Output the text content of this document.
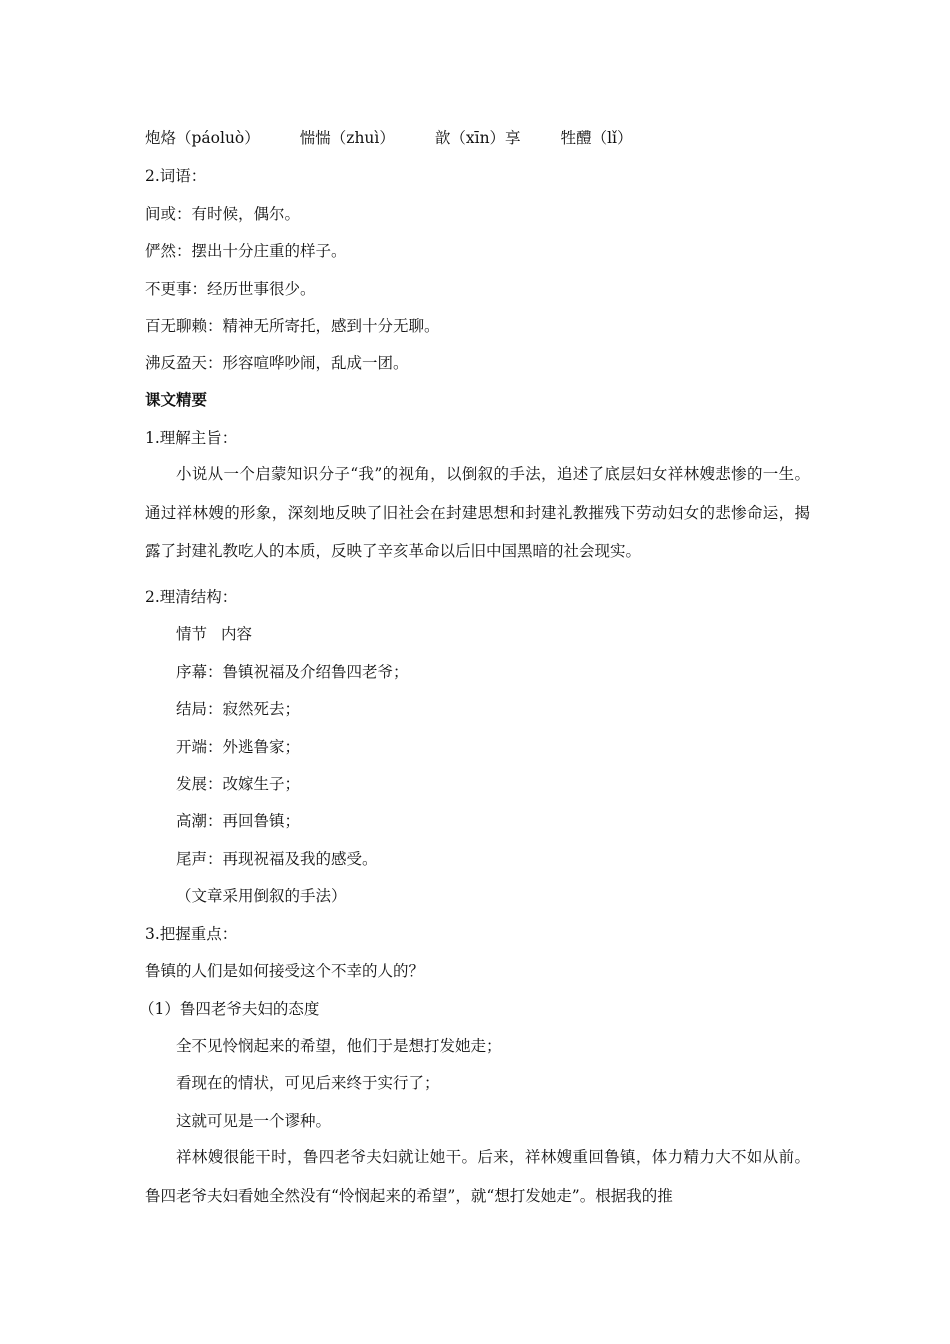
炮烙（páoluò）	惴惴（zhuì）	歆（xīn）享	牲醴（lǐ）
2.词语：
间或：有时候，偶尔。
俨然：摆出十分庄重的样子。
不更事：经历世事很少。
百无聊赖：精神无所寄托，感到十分无聊。
沸反盈天：形容喧哗吵闹，乱成一团。
课文精要
1.理解主旨：
小说从一个启蒙知识分子“我”的视角，以倒叙的手法，追述了底层妇女祥林嫂悲惨的一生。通过祥林嫂的形象，深刻地反映了旧社会在封建思想和封建礼教摧残下劳动妇女的悲惨命运，揭露了封建礼教吃人的本质，反映了辛亥革命以后旧中国黑暗的社会现实。
2.理清结构：
情节 内容
序幕：鲁镇祝福及介绍鲁四老爷；
结局：寂然死去；
开端：外逃鲁家；
发展：改嫁生子；
高潮：再回鲁镇；
尾声：再现祝福及我的感受。
（文章采用倒叙的手法）
3.把握重点：
鲁镇的人们是如何接受这个不幸的人的？
（1）鲁四老爷夫妇的态度
全不见怜悯起来的希望，他们于是想打发她走；
看现在的情状，可见后来终于实行了；
这就可见是一个谬种。
祥林嫂很能干时，鲁四老爷夫妇就让她干。后来，祥林嫂重回鲁镇，体力精力大不如从前。鲁四老爷夫妇看她全然没有“怜悯起来的希望”，就“想打发她走”。根据我的推
